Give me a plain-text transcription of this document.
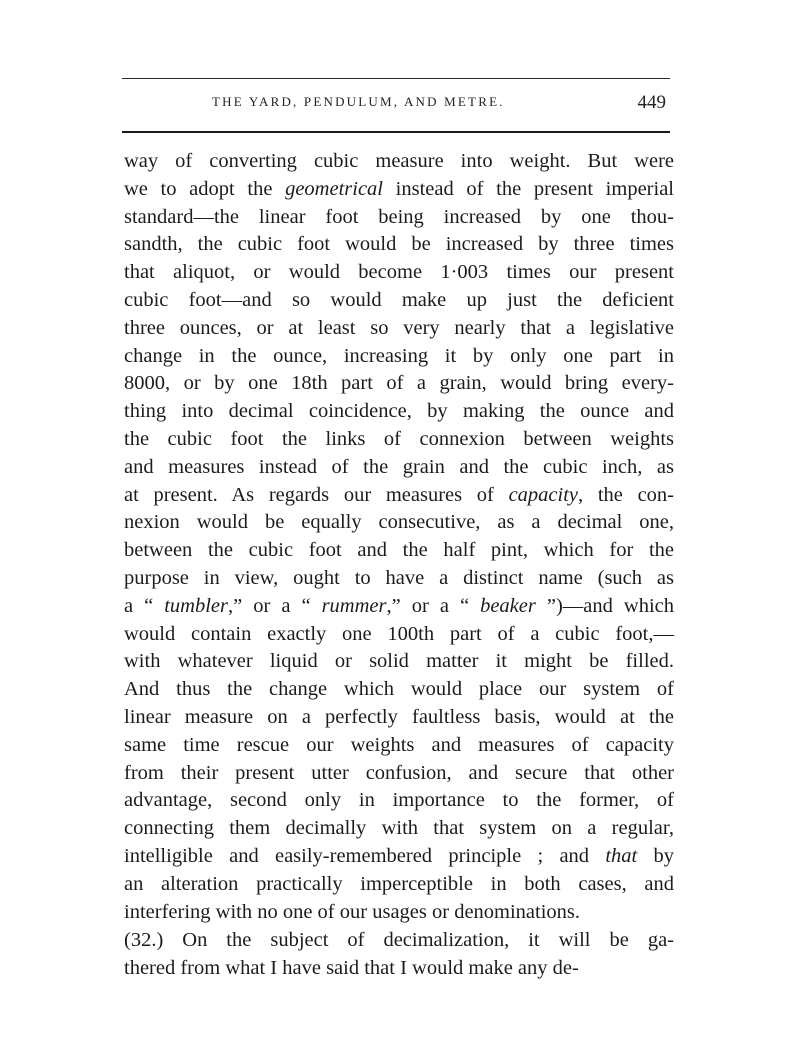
THE YARD, PENDULUM, AND METRE.	449
way of converting cubic measure into weight. But were
we to adopt the geometrical instead of the present imperial
standard—the linear foot being increased by one thou-
sandth, the cubic foot would be increased by three times
that aliquot, or would become 1·003 times our present
cubic foot—and so would make up just the deficient
three ounces, or at least so very nearly that a legislative
change in the ounce, increasing it by only one part in
8000, or by one 18th part of a grain, would bring every-
thing into decimal coincidence, by making the ounce and
the cubic foot the links of connexion between weights
and measures instead of the grain and the cubic inch, as
at present. As regards our measures of capacity, the con-
nexion would be equally consecutive, as a decimal one,
between the cubic foot and the half pint, which for the
purpose in view, ought to have a distinct name (such as
a “ tumbler,” or a “ rummer,” or a “ beaker ”)—and which
would contain exactly one 100th part of a cubic foot,—
with whatever liquid or solid matter it might be filled.
And thus the change which would place our system of
linear measure on a perfectly faultless basis, would at the
same time rescue our weights and measures of capacity
from their present utter confusion, and secure that other
advantage, second only in importance to the former, of
connecting them decimally with that system on a regular,
intelligible and easily-remembered principle ; and that by
an alteration practically imperceptible in both cases, and
interfering with no one of our usages or denominations.
(32.) On the subject of decimalization, it will be ga-
thered from what I have said that I would make any de-
